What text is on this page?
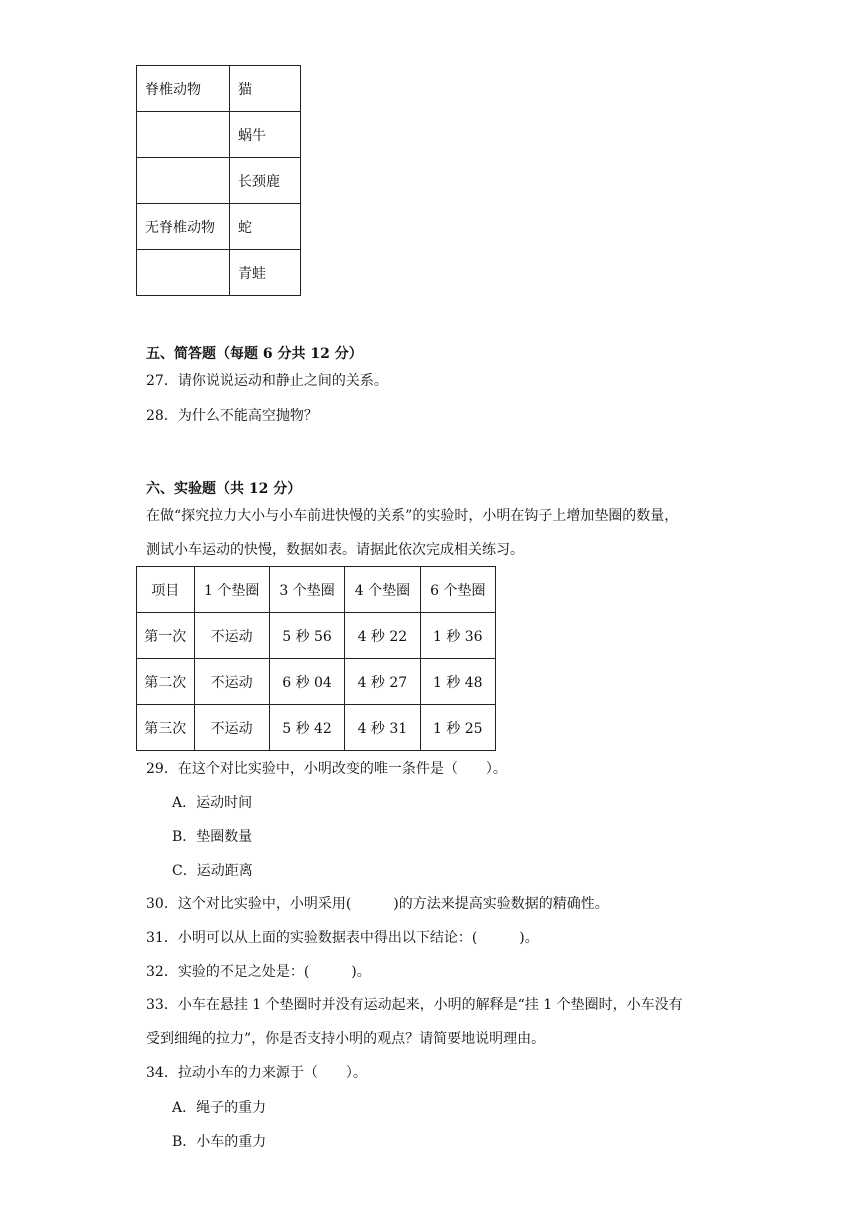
脊椎动物	猫
	蜗牛
	长颈鹿
无脊椎动物	蛇
	青蛙
五、简答题（每题 6 分共 12 分）
27．请你说说运动和静止之间的关系。
28．为什么不能高空抛物？
六、实验题（共 12 分）
在做“探究拉力大小与小车前进快慢的关系”的实验时，小明在钩子上增加垫圈的数量，
测试小车运动的快慢，数据如表。请据此依次完成相关练习。
项目	1 个垫圈	3 个垫圈	4 个垫圈	6 个垫圈
第一次	不运动	5 秒 56	4 秒 22	1 秒 36
第二次	不运动	6 秒 04	4 秒 27	1 秒 48
第三次	不运动	5 秒 42	4 秒 31	1 秒 25
29．在这个对比实验中，小明改变的唯一条件是（　　）。
A．运动时间
B．垫圈数量
C．运动距离
30．这个对比实验中，小明采用(　　　)的方法来提高实验数据的精确性。
31．小明可以从上面的实验数据表中得出以下结论：(　　　)。
32．实验的不足之处是：(　　　)。
33．小车在悬挂 1 个垫圈时并没有运动起来，小明的解释是“挂 1 个垫圈时，小车没有
受到细绳的拉力”，你是否支持小明的观点？请简要地说明理由。
34．拉动小车的力来源于（　　）。
A．绳子的重力
B．小车的重力
